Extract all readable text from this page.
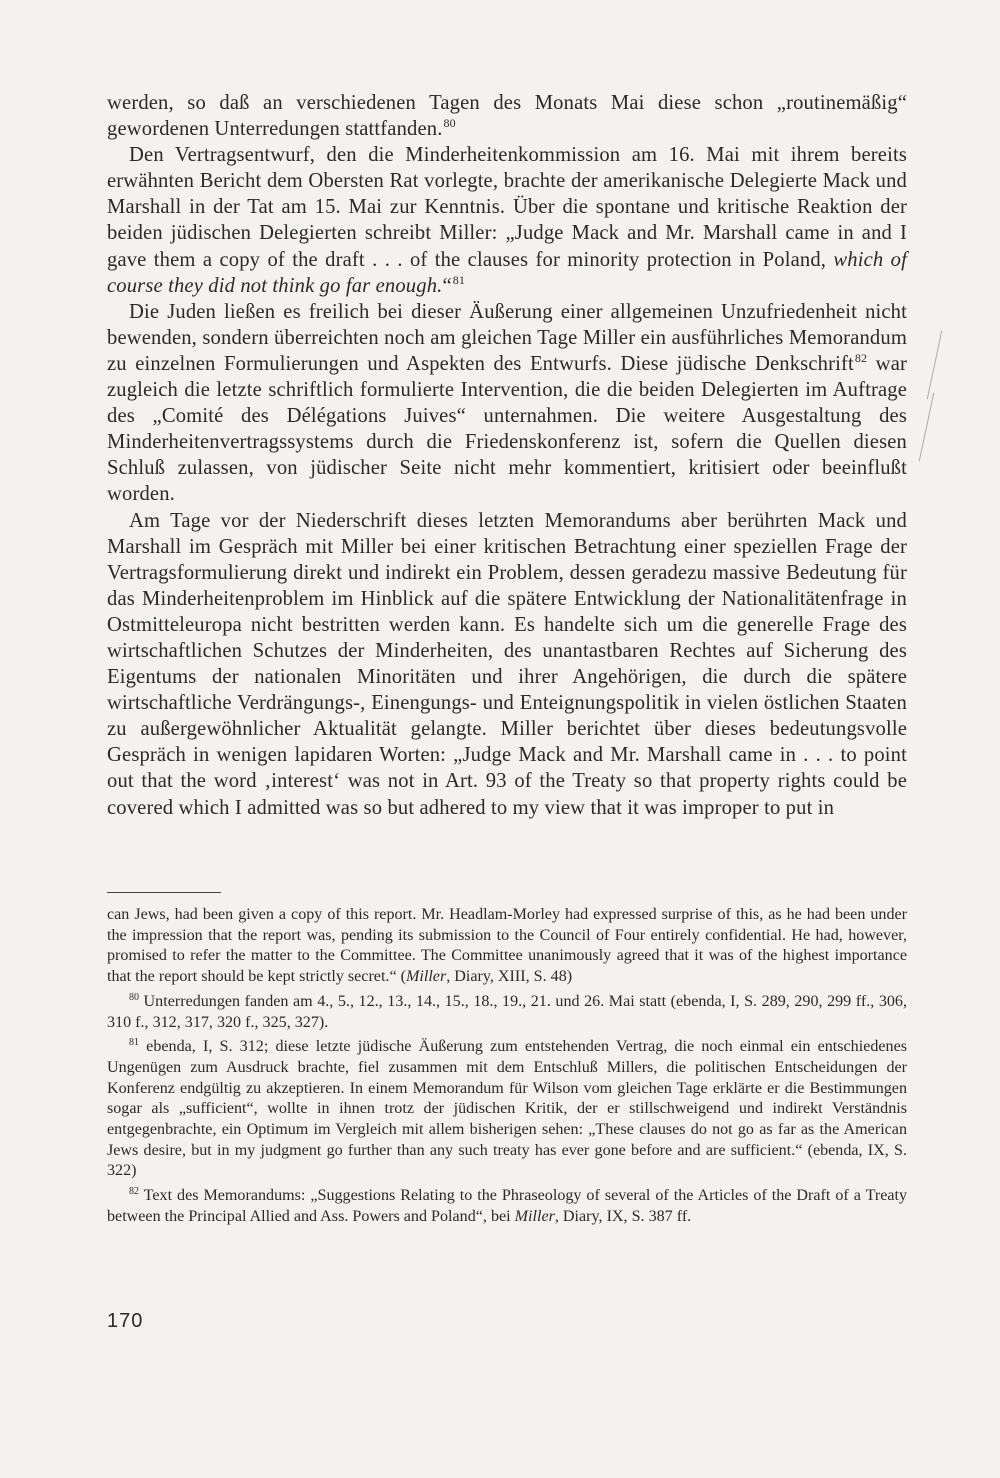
werden, so daß an verschiedenen Tagen des Monats Mai diese schon „routinemäßig“ gewordenen Unterredungen stattfanden.$^{80}$

Den Vertragsentwurf, den die Minderheitenkommission am 16. Mai mit ihrem bereits erwähnten Bericht dem Obersten Rat vorlegte, brachte der amerikanische Delegierte Mack und Marshall in der Tat am 15. Mai zur Kenntnis. Über die spontane und kritische Reaktion der beiden jüdischen Delegierten schreibt Miller: „Judge Mack and Mr. Marshall came in and I gave them a copy of the draft . . . of the clauses for minority protection in Poland, which of course they did not think go far enough.“$^{81}$

Die Juden ließen es freilich bei dieser Äußerung einer allgemeinen Unzufriedenheit nicht bewenden, sondern überreichten noch am gleichen Tage Miller ein ausführliches Memorandum zu einzelnen Formulierungen und Aspekten des Entwurfs. Diese jüdische Denkschrift$^{82}$ war zugleich die letzte schriftlich formulierte Intervention, die die beiden Delegierten im Auftrage des „Comité des Délégations Juives“ unternahmen. Die weitere Ausgestaltung des Minderheitenvertragssystems durch die Friedenskonferenz ist, sofern die Quellen diesen Schluß zulassen, von jüdischer Seite nicht mehr kommentiert, kritisiert oder beeinflußt worden.

Am Tage vor der Niederschrift dieses letzten Memorandums aber berührten Mack und Marshall im Gespräch mit Miller bei einer kritischen Betrachtung einer speziellen Frage der Vertragsformulierung direkt und indirekt ein Problem, dessen geradezu massive Bedeutung für das Minderheitenproblem im Hinblick auf die spätere Entwicklung der Nationalitätenfrage in Ostmitteleuropa nicht bestritten werden kann. Es handelte sich um die generelle Frage des wirtschaftlichen Schutzes der Minderheiten, des unantastbaren Rechtes auf Sicherung des Eigentums der nationalen Minoritäten und ihrer Angehörigen, die durch die spätere wirtschaftliche Verdrängungs-, Einengungs- und Enteignungspolitik in vielen östlichen Staaten zu außergewöhnlicher Aktualität gelangte. Miller berichtet über dieses bedeutungsvolle Gespräch in wenigen lapidaren Worten: „Judge Mack and Mr. Marshall came in . . . to point out that the word ‚interest‘ was not in Art. 93 of the Treaty so that property rights could be covered which I admitted was so but adhered to my view that it was improper to put in

can Jews, had been given a copy of this report. Mr. Headlam-Morley had expressed surprise of this, as he had been under the impression that the report was, pending its submission to the Council of Four entirely confidential. He had, however, promised to refer the matter to the Committee. The Committee unanimously agreed that it was of the highest importance that the report should be kept strictly secret.“ (Miller, Diary, XIII, S. 48)

$^{80}$ Unterredungen fanden am 4., 5., 12., 13., 14., 15., 18., 19., 21. und 26. Mai statt (ebenda, I, S. 289, 290, 299 ff., 306, 310 f., 312, 317, 320 f., 325, 327).

$^{81}$ ebenda, I, S. 312; diese letzte jüdische Äußerung zum entstehenden Vertrag, die noch einmal ein entschiedenes Ungenügen zum Ausdruck brachte, fiel zusammen mit dem Entschluß Millers, die politischen Entscheidungen der Konferenz endgültig zu akzeptieren. In einem Memorandum für Wilson vom gleichen Tage erklärte er die Bestimmungen sogar als „sufficient“, wollte in ihnen trotz der jüdischen Kritik, der er stillschweigend und indirekt Verständnis entgegenbrachte, ein Optimum im Vergleich mit allem bisherigen sehen: „These clauses do not go as far as the American Jews desire, but in my judgment go further than any such treaty has ever gone before and are sufficient.“ (ebenda, IX, S. 322)

$^{82}$ Text des Memorandums: „Suggestions Relating to the Phraseology of several of the Articles of the Draft of a Treaty between the Principal Allied and Ass. Powers and Poland“, bei Miller, Diary, IX, S. 387 ff.

170
